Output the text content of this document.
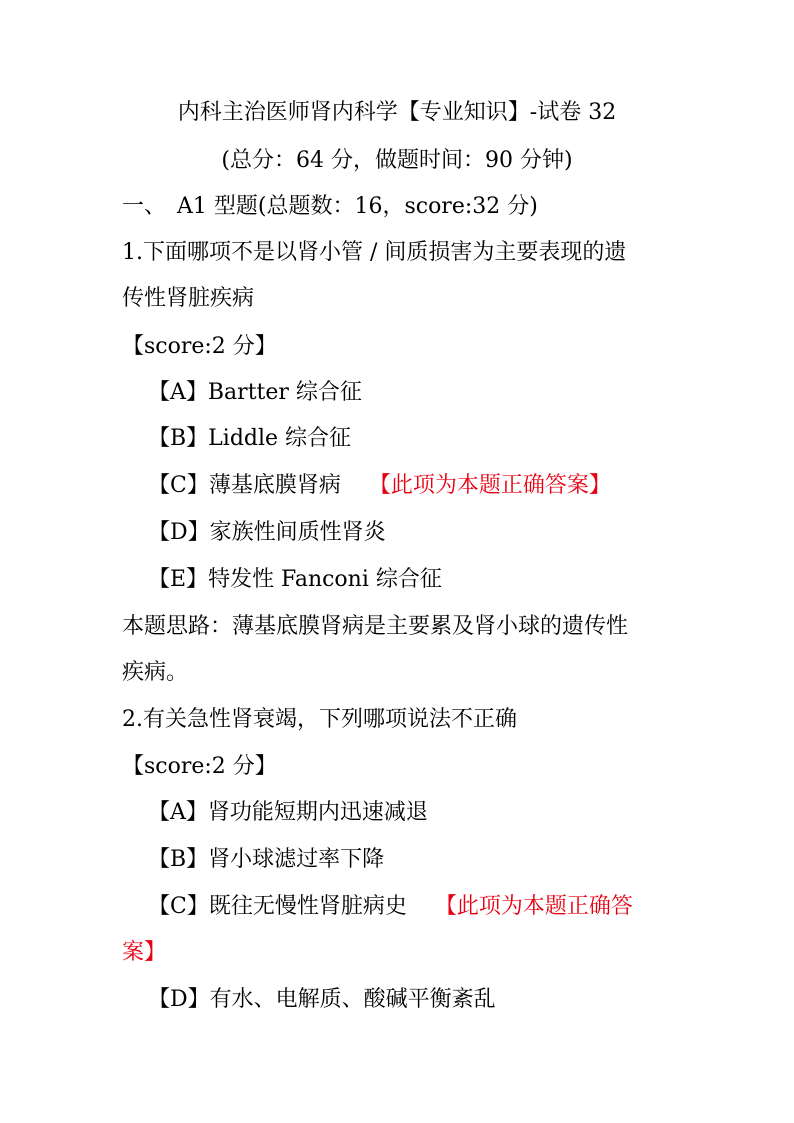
内科主治医师肾内科学【专业知识】-试卷 32
(总分：64 分，做题时间：90 分钟)
一、　A1 型题(总题数：16，score:32 分)
1.下面哪项不是以肾小管 / 间质损害为主要表现的遗
传性肾脏疾病
【score:2 分】
【A】Bartter 综合征
【B】Liddle 综合征
【C】薄基底膜肾病 【此项为本题正确答案】
【D】家族性间质性肾炎
【E】特发性 Fanconi 综合征
本题思路：薄基底膜肾病是主要累及肾小球的遗传性
疾病。
2.有关急性肾衰竭，下列哪项说法不正确
【score:2 分】
【A】肾功能短期内迅速减退
【B】肾小球滤过率下降
【C】既往无慢性肾脏病史 【此项为本题正确答
案】
【D】有水、电解质、酸碱平衡紊乱
